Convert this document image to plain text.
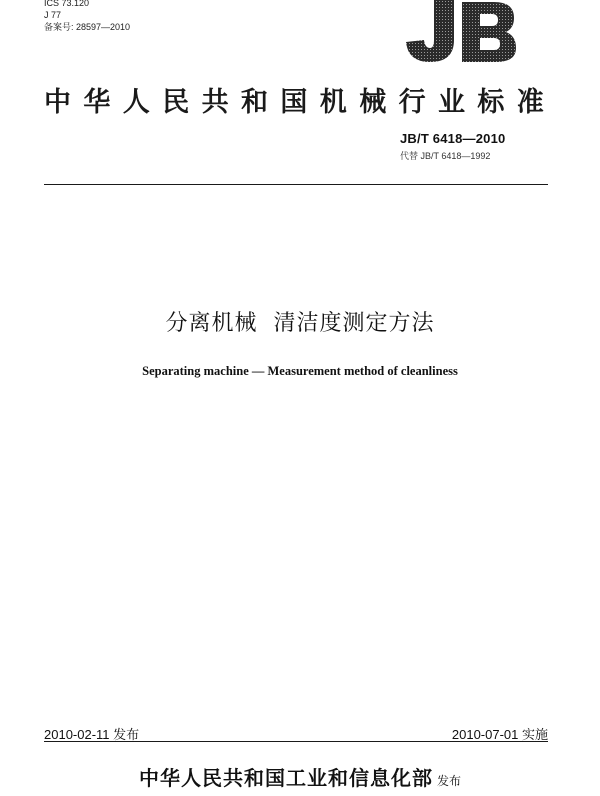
ICS 73.120
J 77
备案号: 28597—2010
中华人民共和国机械行业标准
JB/T 6418—2010
代替 JB/T 6418—1992
分离机械  清洁度测定方法
Separating machine — Measurement method of cleanliness
2010-02-11 发布	2010-07-01 实施
中华人民共和国工业和信息化部 发布
